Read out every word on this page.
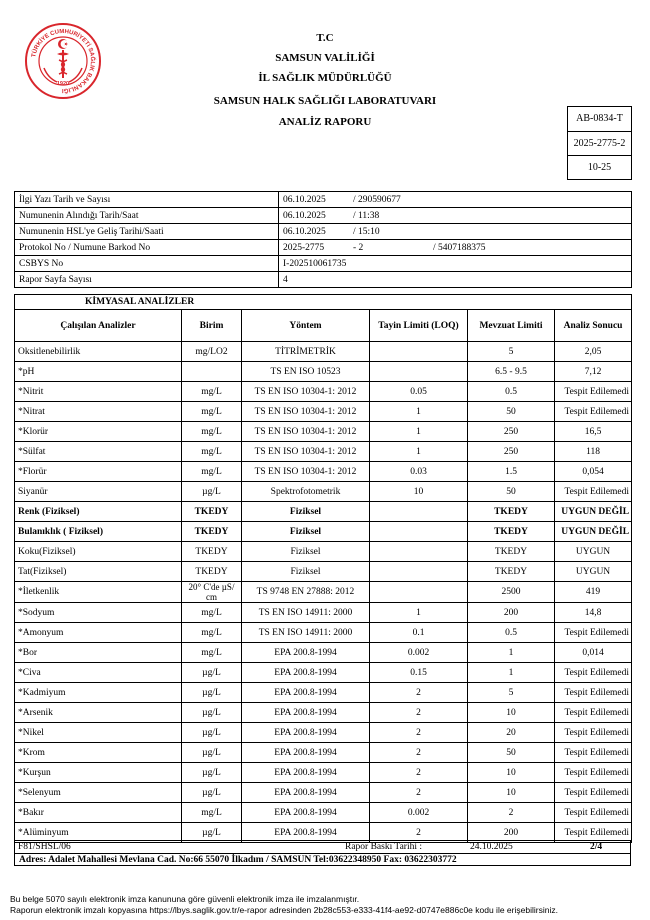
TÜRKİYE CUMHURİYETİ SAĞLIK BAKANLIĞI
1920
T.C
SAMSUN VALİLİĞİ
İL SAĞLIK MÜDÜRLÜĞÜ
SAMSUN HALK SAĞLIĞI LABORATUVARI
ANALİZ RAPORU	AB-0834-T
2025-2775-2
10-25
İlgi Yazı Tarih ve Sayısı	06.10.2025 / 290590677
Numunenin Alındığı Tarih/Saat	06.10.2025 / 11:38
Numunenin HSL'ye Geliş Tarihi/Saati	06.10.2025 / 15:10
Protokol No / Numune Barkod No	2025-2775 - 2 / 5407188375
CSBYS No	I-202510061735
Rapor Sayfa Sayısı	4
KİMYASAL ANALİZLER					
Çalışılan Analizler	Birim	Yöntem	Tayin Limiti (LOQ)	Mevzuat Limiti	Analiz Sonucu
Oksitlenebilirlik	mg/LO2	TİTRİMETRİK		5	2,05
*pH		TS EN ISO 10523		6.5 - 9.5	7,12
*Nitrit	mg/L	TS EN ISO 10304-1: 2012	0.05	0.5	Tespit Edilemedi
*Nitrat	mg/L	TS EN ISO 10304-1: 2012	1	50	Tespit Edilemedi
*Klorür	mg/L	TS EN ISO 10304-1: 2012	1	250	16,5
*Sülfat	mg/L	TS EN ISO 10304-1: 2012	1	250	118
*Florür	mg/L	TS EN ISO 10304-1: 2012	0.03	1.5	0,054
Siyanür	µg/L	Spektrofotometrik	10	50	Tespit Edilemedi
Renk (Fiziksel)	TKEDY	Fiziksel		TKEDY	UYGUN DEĞİL
Bulanıklık ( Fiziksel)	TKEDY	Fiziksel		TKEDY	UYGUN DEĞİL
Koku(Fiziksel)	TKEDY	Fiziksel		TKEDY	UYGUN
Tat(Fiziksel)	TKEDY	Fiziksel		TKEDY	UYGUN
*İletkenlik	20° C'de µS/ cm	TS 9748 EN 27888: 2012		2500	419
*Sodyum	mg/L	TS EN ISO 14911: 2000	1	200	14,8
*Amonyum	mg/L	TS EN ISO 14911: 2000	0.1	0.5	Tespit Edilemedi
*Bor	mg/L	EPA 200.8-1994	0.002	1	0,014
*Civa	µg/L	EPA 200.8-1994	0.15	1	Tespit Edilemedi
*Kadmiyum	µg/L	EPA 200.8-1994	2	5	Tespit Edilemedi
*Arsenik	µg/L	EPA 200.8-1994	2	10	Tespit Edilemedi
*Nikel	µg/L	EPA 200.8-1994	2	20	Tespit Edilemedi
*Krom	µg/L	EPA 200.8-1994	2	50	Tespit Edilemedi
*Kurşun	µg/L	EPA 200.8-1994	2	10	Tespit Edilemedi
*Selenyum	µg/L	EPA 200.8-1994	2	10	Tespit Edilemedi
*Bakır	mg/L	EPA 200.8-1994	0.002	2	Tespit Edilemedi
*Alüminyum	µg/L	EPA 200.8-1994	2	200	Tespit Edilemedi
F81/SHSL/06	Rapor Baskı Tarihi :	24.10.2025	2/4
Adres: Adalet Mahallesi Mevlana Cad. No:66 55070 İlkadım / SAMSUN Tel:03622348950 Fax: 03622303772
Bu belge 5070 sayılı elektronik imza kanununa göre güvenli elektronik imza ile imzalanmıştır.
Raporun elektronik imzalı kopyasına https://lbys.saglik.gov.tr/e-rapor adresinden 2b28c553-e333-41f4-ae92-d0747e886c0e kodu ile erişebilirsiniz.
